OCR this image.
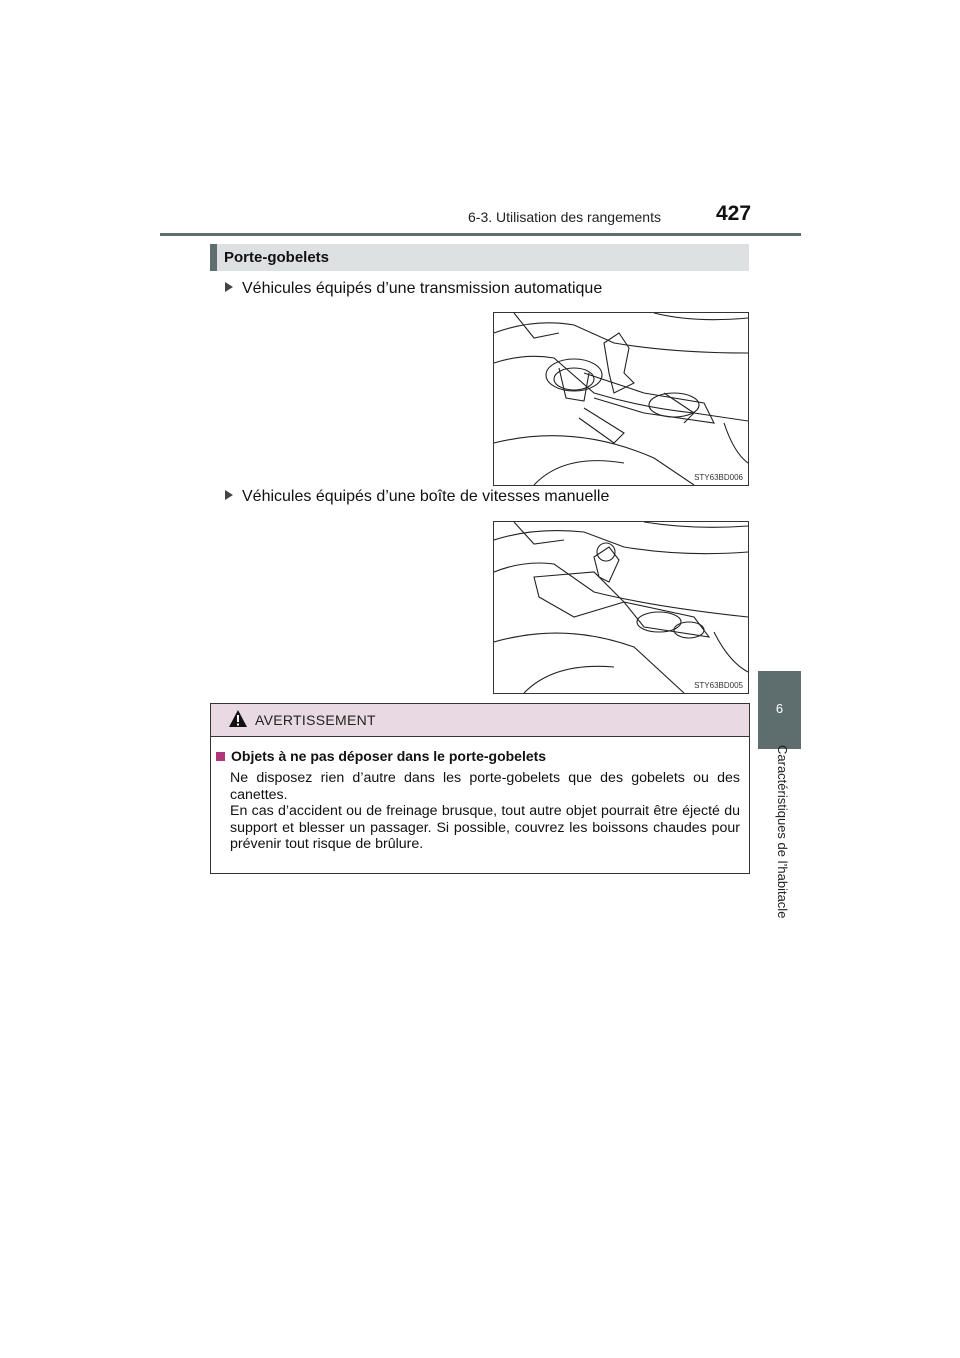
6-3. Utilisation des rangements	427
6
Caractéristiques de l’habitacle
Porte-gobelets
Véhicules équipés d’une transmission automatique
STY63BD006
Véhicules équipés d’une boîte de vitesses manuelle
STY63BD005
AVERTISSEMENT
Objets à ne pas déposer dans le porte-gobelets

Ne disposez rien d’autre dans les porte-gobelets que des gobelets ou des canettes.

En cas d’accident ou de freinage brusque, tout autre objet pourrait être éjecté du support et blesser un passager. Si possible, couvrez les boissons chaudes pour prévenir tout risque de brûlure.
